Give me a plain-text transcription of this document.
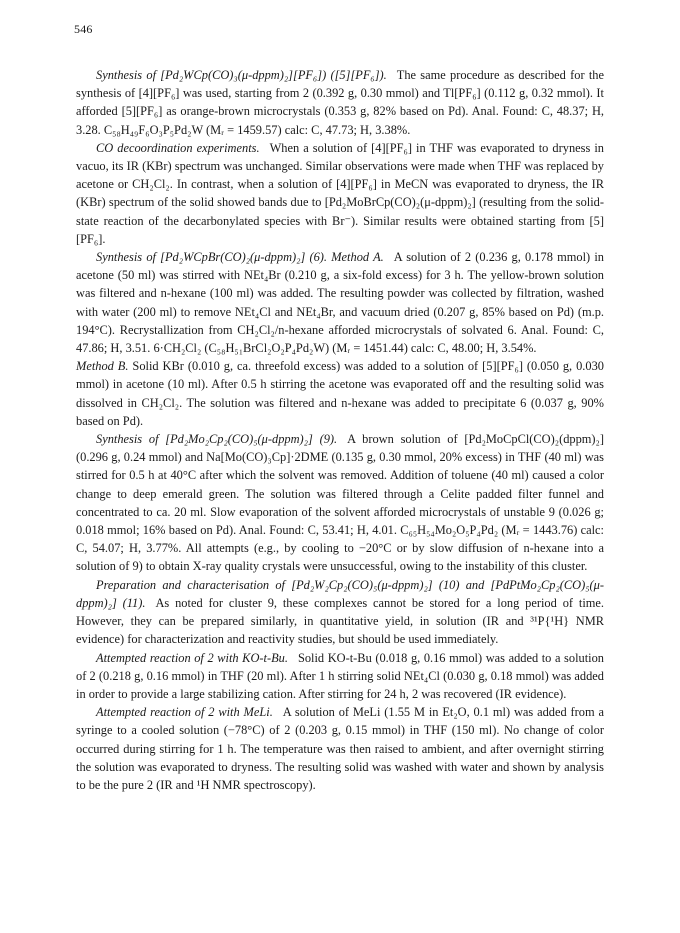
546

Synthesis of [Pd₂WCp(CO)₃(μ-dppm)₂][PF₆]) ([5][PF₆]). The same procedure as described for the synthesis of [4][PF₆] was used, starting from 2 (0.392 g, 0.30 mmol) and Tl[PF₆] (0.112 g, 0.32 mmol). It afforded [5][PF₆] as orange-brown microcrystals (0.353 g, 82% based on Pd). Anal. Found: C, 48.37; H, 3.28. C₅₈H₄₉F₆O₃P₅Pd₂W (Mᵣ = 1459.57) calc: C, 47.73; H, 3.38%.

CO decoordination experiments. When a solution of [4][PF₆] in THF was evaporated to dryness in vacuo, its IR (KBr) spectrum was unchanged. Similar observations were made when THF was replaced by acetone or CH₂Cl₂. In contrast, when a solution of [4][PF₆] in MeCN was evaporated to dryness, the IR (KBr) spectrum of the solid showed bands due to [Pd₂MoBrCp(CO)₂(μ-dppm)₂] (resulting from the solid-state reaction of the decarbonylated species with Br⁻). Similar results were obtained starting from [5][PF₆].

Synthesis of [Pd₂WCpBr(CO)₂(μ-dppm)₂] (6). Method A. A solution of 2 (0.236 g, 0.178 mmol) in acetone (50 ml) was stirred with NEt₄Br (0.210 g, a six-fold excess) for 3 h. The yellow-brown solution was filtered and n-hexane (100 ml) was added. The resulting powder was collected by filtration, washed with water (200 ml) to remove NEt₄Cl and NEt₄Br, and vacuum dried (0.207 g, 85% based on Pd) (m.p. 194°C). Recrystallization from CH₂Cl₂/n-hexane afforded microcrystals of solvated 6. Anal. Found: C, 47.86; H, 3.51. 6·CH₂Cl₂ (C₅₈H₅₁BrCl₂O₂P₄Pd₂W) (Mᵣ = 1451.44) calc: C, 48.00; H, 3.54%.

Method B. Solid KBr (0.010 g, ca. threefold excess) was added to a solution of [5][PF₆] (0.050 g, 0.030 mmol) in acetone (10 ml). After 0.5 h stirring the acetone was evaporated off and the resulting solid was dissolved in CH₂Cl₂. The solution was filtered and n-hexane was added to precipitate 6 (0.037 g, 90% based on Pd).

Synthesis of [Pd₂Mo₂Cp₂(CO)₅(μ-dppm)₂] (9). A brown solution of [Pd₂MoCpCl(CO)₂(dppm)₂] (0.296 g, 0.24 mmol) and Na[Mo(CO)₃Cp]·2DME (0.135 g, 0.30 mmol, 20% excess) in THF (40 ml) was stirred for 0.5 h at 40°C after which the solvent was removed. Addition of toluene (40 ml) caused a color change to deep emerald green. The solution was filtered through a Celite padded filter funnel and concentrated to ca. 20 ml. Slow evaporation of the solvent afforded microcrystals of unstable 9 (0.026 g; 0.018 mmol; 16% based on Pd). Anal. Found: C, 53.41; H, 4.01. C₆₅H₅₄Mo₂O₅P₄Pd₂ (Mᵣ = 1443.76) calc: C, 54.07; H, 3.77%. All attempts (e.g., by cooling to −20°C or by slow diffusion of n-hexane into a solution of 9) to obtain X-ray quality crystals were unsuccessful, owing to the instability of this cluster.

Preparation and characterisation of [Pd₂W₂Cp₂(CO)₅(μ-dppm)₂] (10) and [PdPtMo₂Cp₂(CO)₅(μ-dppm)₂] (11). As noted for cluster 9, these complexes cannot be stored for a long period of time. However, they can be prepared similarly, in quantitative yield, in solution (IR and ³¹P{¹H} NMR evidence) for characterization and reactivity studies, but should be used immediately.

Attempted reaction of 2 with KO-t-Bu. Solid KO-t-Bu (0.018 g, 0.16 mmol) was added to a solution of 2 (0.218 g, 0.16 mmol) in THF (20 ml). After 1 h stirring solid NEt₄Cl (0.030 g, 0.18 mmol) was added in order to provide a large stabilizing cation. After stirring for 24 h, 2 was recovered (IR evidence).

Attempted reaction of 2 with MeLi. A solution of MeLi (1.55 M in Et₂O, 0.1 ml) was added from a syringe to a cooled solution (−78°C) of 2 (0.203 g, 0.15 mmol) in THF (150 ml). No change of color occurred during stirring for 1 h. The temperature was then raised to ambient, and after overnight stirring the solution was evaporated to dryness. The resulting solid was washed with water and shown by analysis to be the pure 2 (IR and ¹H NMR spectroscopy).
